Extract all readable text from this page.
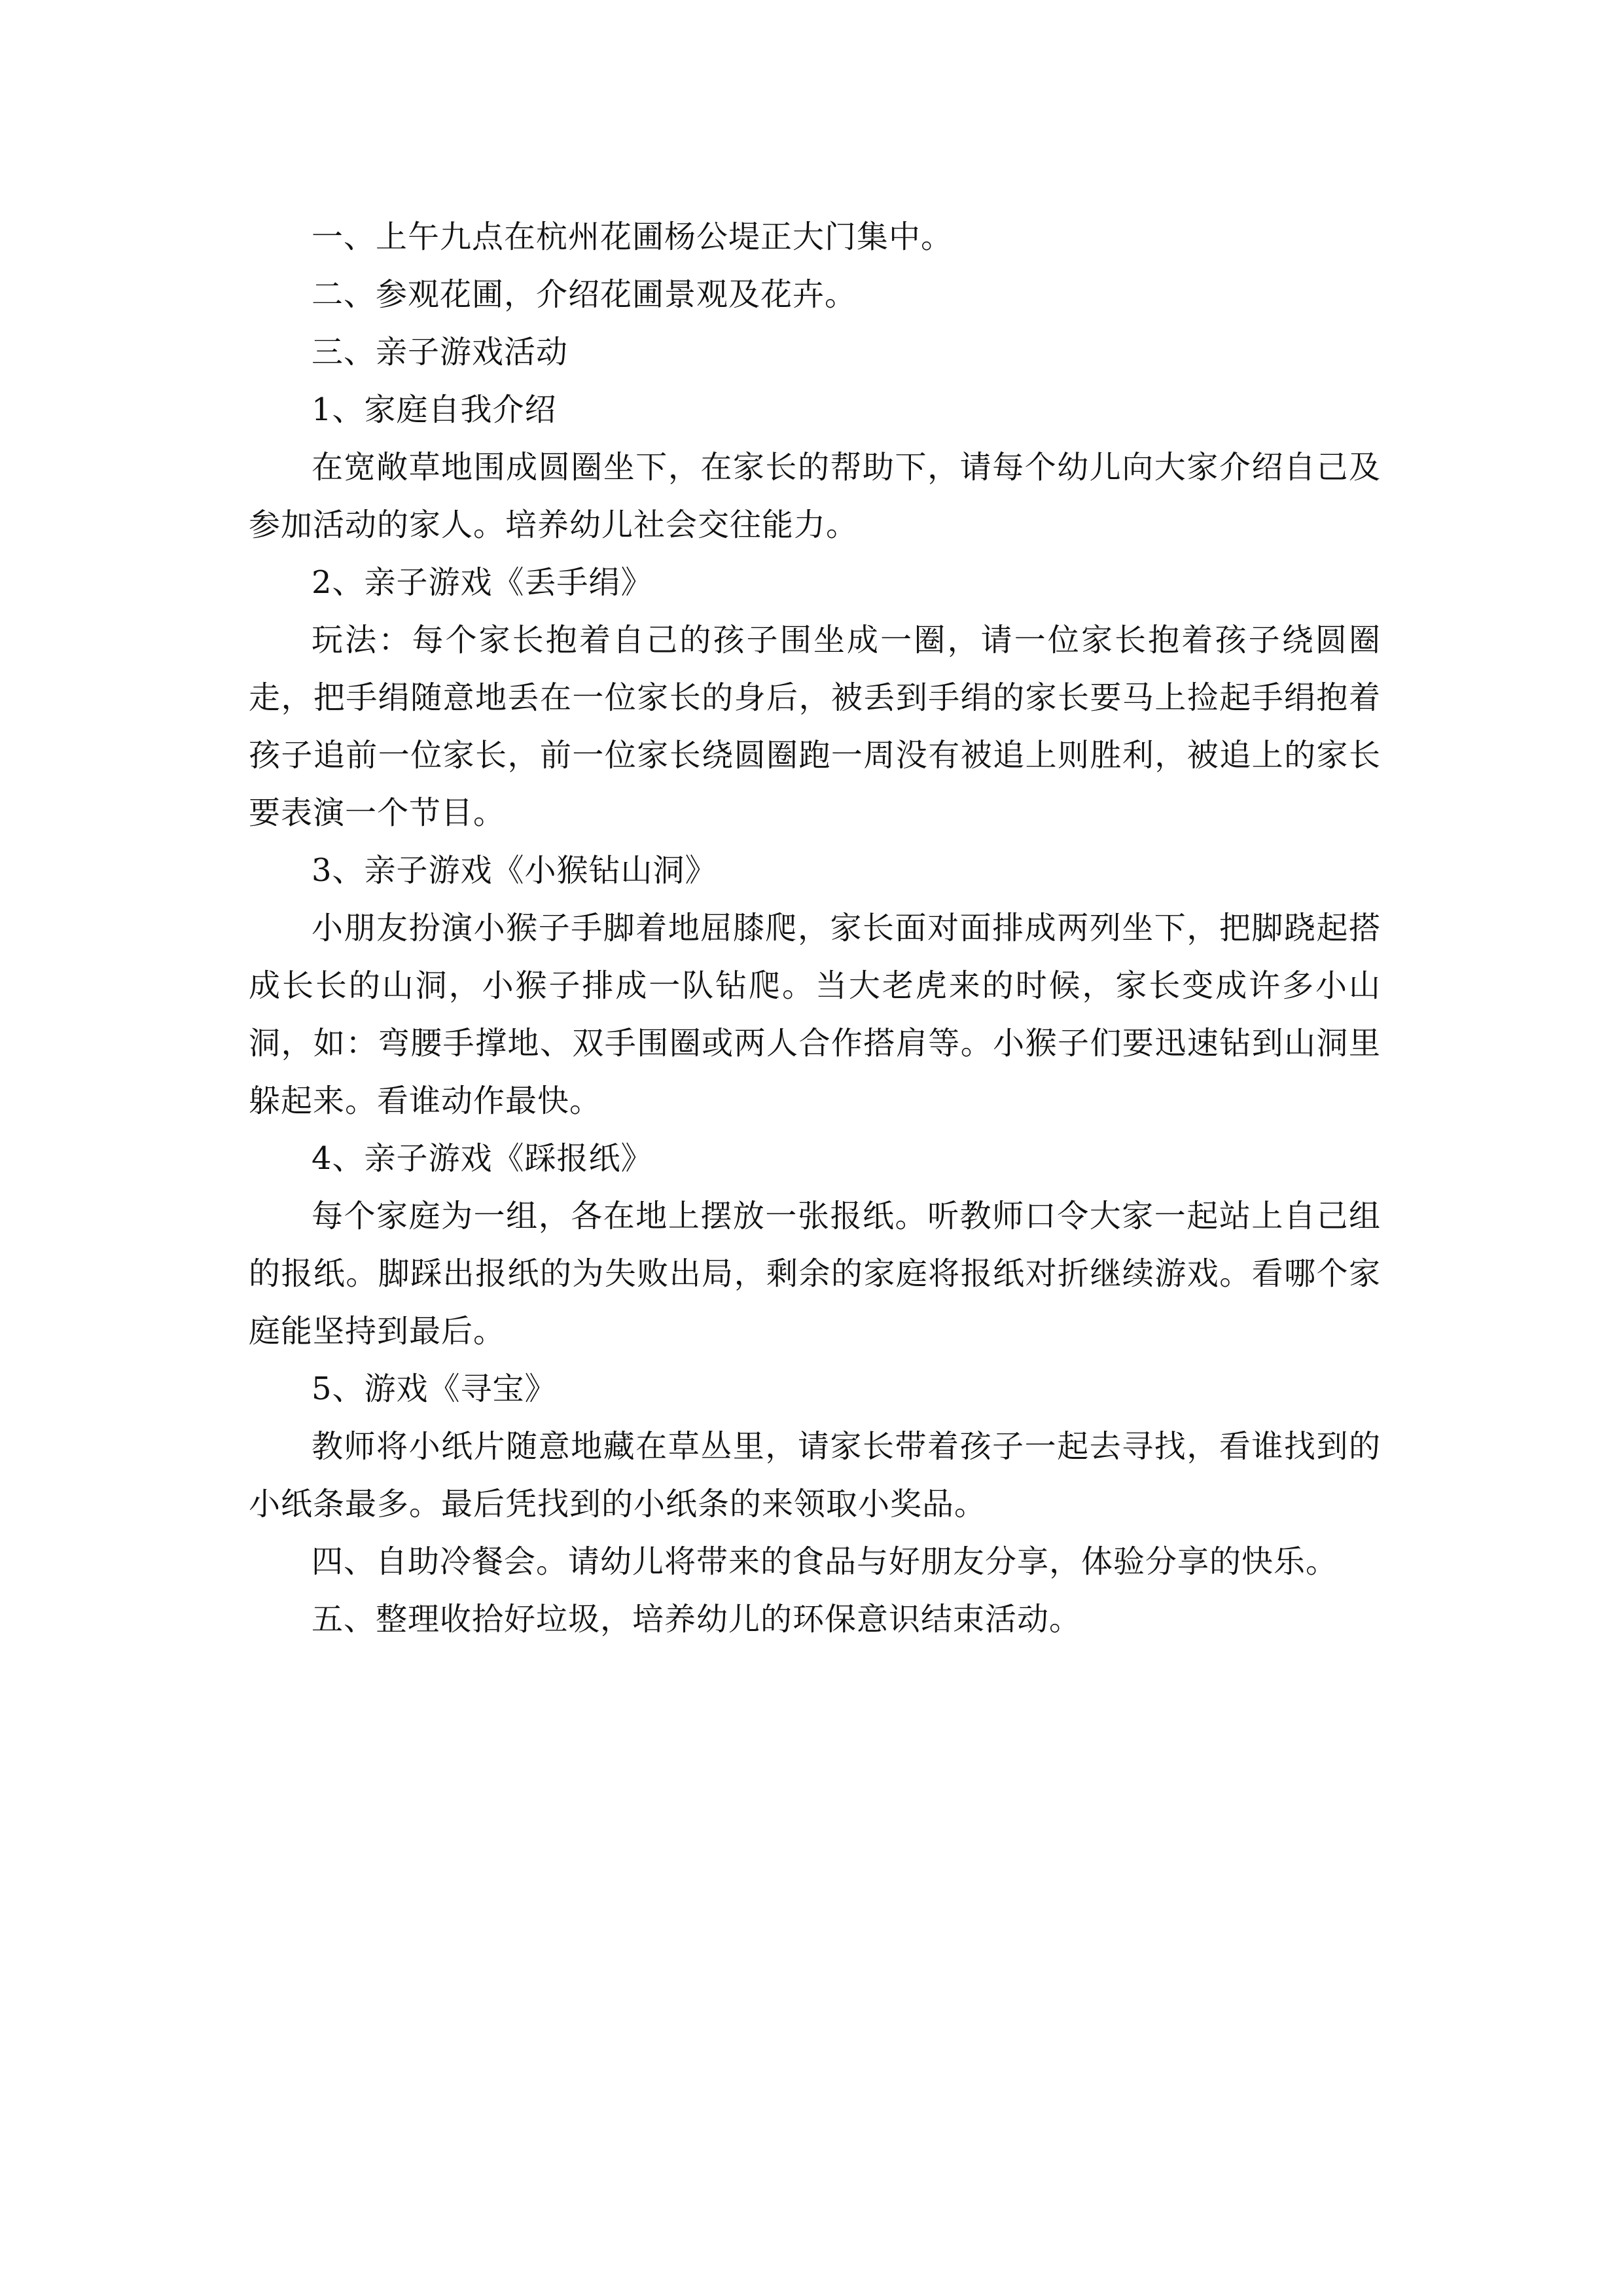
一、上午九点在杭州花圃杨公堤正大门集中。

二、参观花圃，介绍花圃景观及花卉。

三、亲子游戏活动

1、家庭自我介绍

在宽敞草地围成圆圈坐下，在家长的帮助下，请每个幼儿向大家介绍自己及参加活动的家人。培养幼儿社会交往能力。

2、亲子游戏《丢手绢》

玩法：每个家长抱着自己的孩子围坐成一圈，请一位家长抱着孩子绕圆圈走，把手绢随意地丢在一位家长的身后，被丢到手绢的家长要马上捡起手绢抱着孩子追前一位家长，前一位家长绕圆圈跑一周没有被追上则胜利，被追上的家长要表演一个节目。

3、亲子游戏《小猴钻山洞》

小朋友扮演小猴子手脚着地屈膝爬，家长面对面排成两列坐下，把脚跷起搭成长长的山洞，小猴子排成一队钻爬。当大老虎来的时候，家长变成许多小山洞，如：弯腰手撑地、双手围圈或两人合作搭肩等。小猴子们要迅速钻到山洞里躲起来。看谁动作最快。

4、亲子游戏《踩报纸》

每个家庭为一组，各在地上摆放一张报纸。听教师口令大家一起站上自己组的报纸。脚踩出报纸的为失败出局，剩余的家庭将报纸对折继续游戏。看哪个家庭能坚持到最后。

5、游戏《寻宝》

教师将小纸片随意地藏在草丛里，请家长带着孩子一起去寻找，看谁找到的小纸条最多。最后凭找到的小纸条的来领取小奖品。

四、自助冷餐会。请幼儿将带来的食品与好朋友分享，体验分享的快乐。

五、整理收拾好垃圾，培养幼儿的环保意识结束活动。
